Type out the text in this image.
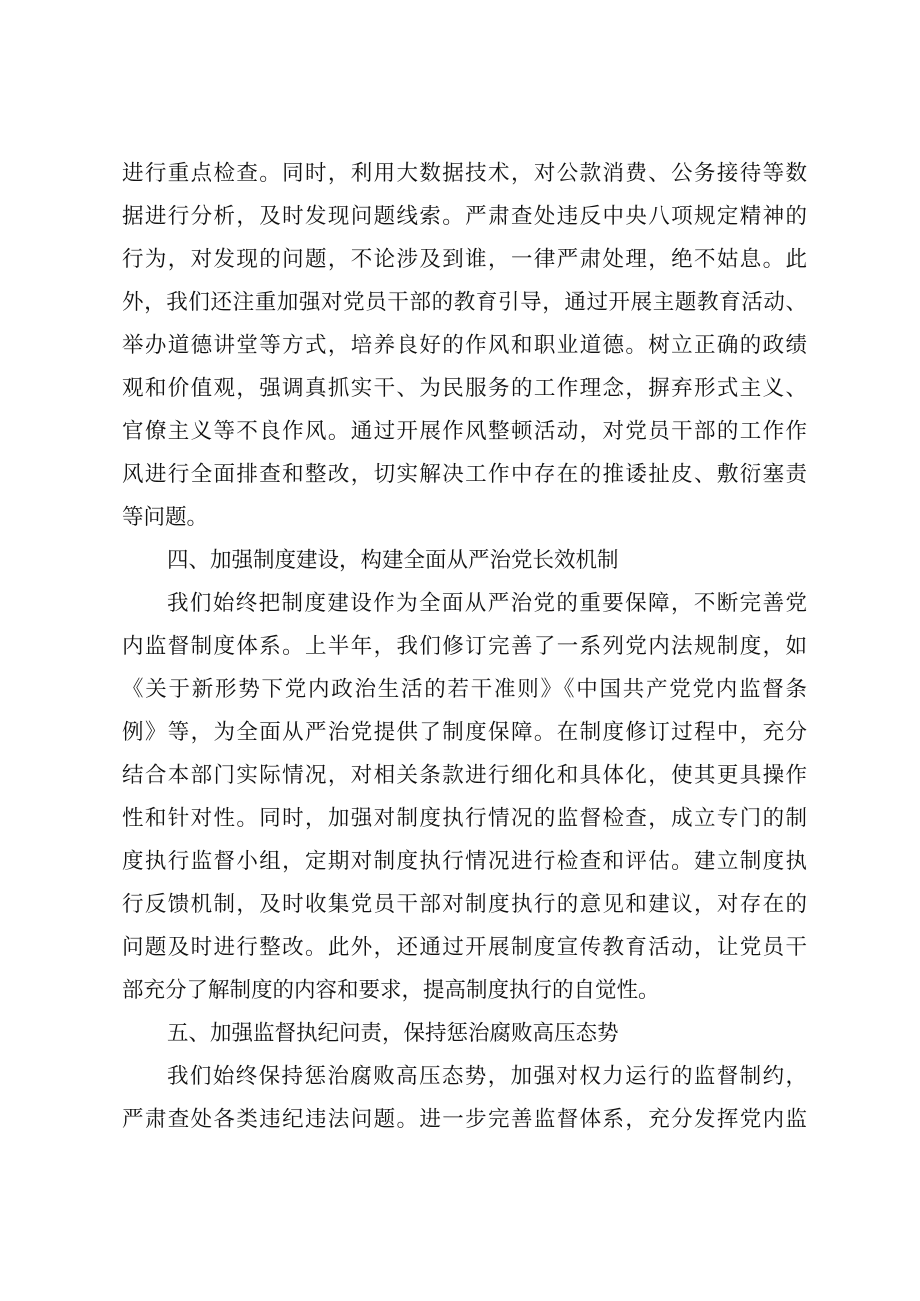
进行重点检查。同时，利用大数据技术，对公款消费、公务接待等数
据进行分析，及时发现问题线索。严肃查处违反中央八项规定精神的
行为，对发现的问题，不论涉及到谁，一律严肃处理，绝不姑息。此
外，我们还注重加强对党员干部的教育引导，通过开展主题教育活动、
举办道德讲堂等方式，培养良好的作风和职业道德。树立正确的政绩
观和价值观，强调真抓实干、为民服务的工作理念，摒弃形式主义、
官僚主义等不良作风。通过开展作风整顿活动，对党员干部的工作作
风进行全面排查和整改，切实解决工作中存在的推诿扯皮、敷衍塞责
等问题。
四、加强制度建设，构建全面从严治党长效机制
我们始终把制度建设作为全面从严治党的重要保障，不断完善党
内监督制度体系。上半年，我们修订完善了一系列党内法规制度，如
《关于新形势下党内政治生活的若干准则》《中国共产党党内监督条
例》等，为全面从严治党提供了制度保障。在制度修订过程中，充分
结合本部门实际情况，对相关条款进行细化和具体化，使其更具操作
性和针对性。同时，加强对制度执行情况的监督检查，成立专门的制
度执行监督小组，定期对制度执行情况进行检查和评估。建立制度执
行反馈机制，及时收集党员干部对制度执行的意见和建议，对存在的
问题及时进行整改。此外，还通过开展制度宣传教育活动，让党员干
部充分了解制度的内容和要求，提高制度执行的自觉性。
五、加强监督执纪问责，保持惩治腐败高压态势
我们始终保持惩治腐败高压态势，加强对权力运行的监督制约，
严肃查处各类违纪违法问题。进一步完善监督体系，充分发挥党内监
